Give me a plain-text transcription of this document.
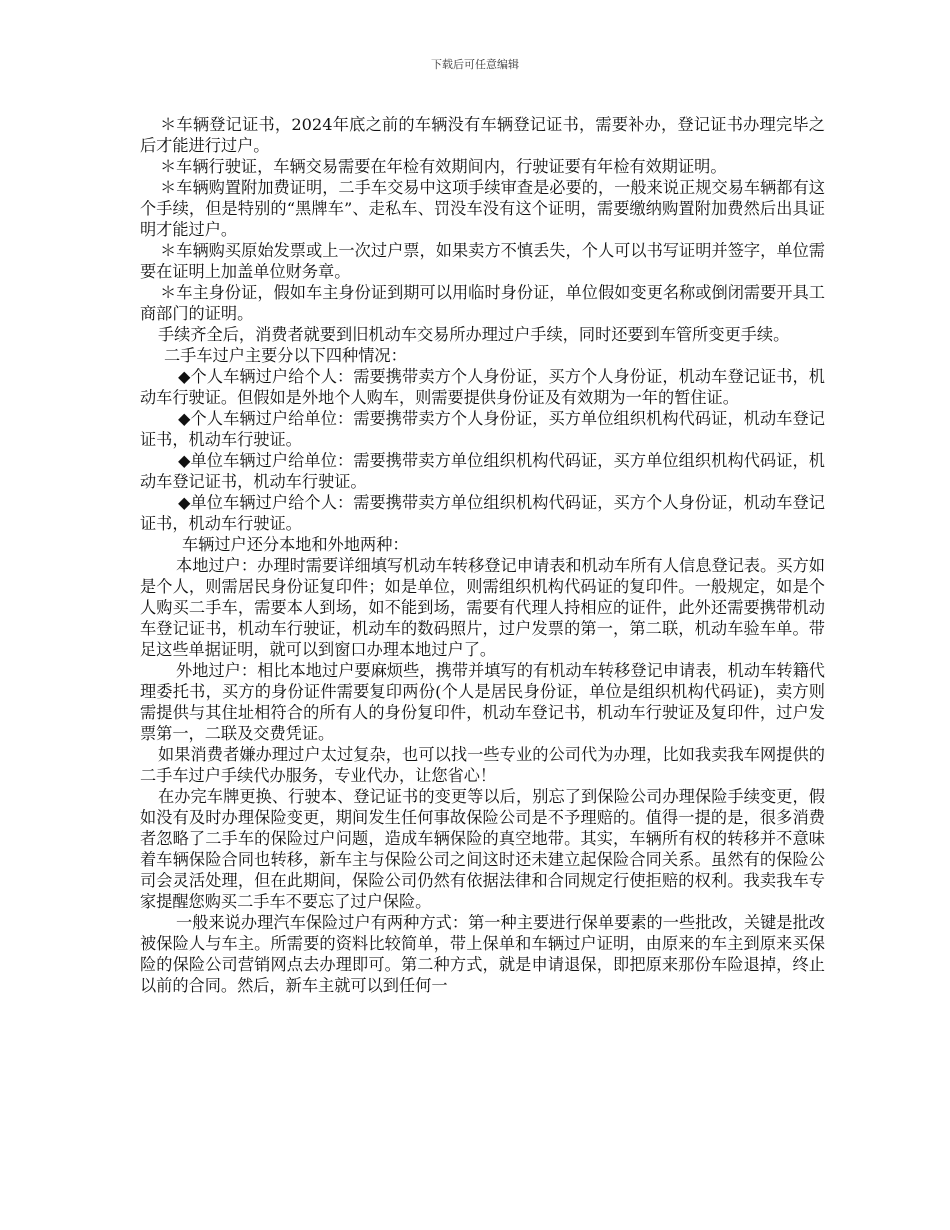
下载后可任意编辑

＊车辆登记证书，2024年底之前的车辆没有车辆登记证书，需要补办，登记证书办理完毕之后才能进行过户。

＊车辆行驶证，车辆交易需要在年检有效期间内，行驶证要有年检有效期证明。

＊车辆购置附加费证明，二手车交易中这项手续审查是必要的，一般来说正规交易车辆都有这个手续，但是特别的“黑牌车”、走私车、罚没车没有这个证明，需要缴纳购置附加费然后出具证明才能过户。

＊车辆购买原始发票或上一次过户票，如果卖方不慎丢失，个人可以书写证明并签字，单位需要在证明上加盖单位财务章。

＊车主身份证，假如车主身份证到期可以用临时身份证，单位假如变更名称或倒闭需要开具工商部门的证明。

手续齐全后，消费者就要到旧机动车交易所办理过户手续，同时还要到车管所变更手续。

二手车过户主要分以下四种情况：

◆个人车辆过户给个人：需要携带卖方个人身份证，买方个人身份证，机动车登记证书，机动车行驶证。但假如是外地个人购车，则需要提供身份证及有效期为一年的暂住证。

◆个人车辆过户给单位：需要携带卖方个人身份证，买方单位组织机构代码证，机动车登记证书，机动车行驶证。

◆单位车辆过户给单位：需要携带卖方单位组织机构代码证，买方单位组织机构代码证，机动车登记证书，机动车行驶证。

◆单位车辆过户给个人：需要携带卖方单位组织机构代码证，买方个人身份证，机动车登记证书，机动车行驶证。

车辆过户还分本地和外地两种：

本地过户：办理时需要详细填写机动车转移登记申请表和机动车所有人信息登记表。买方如是个人，则需居民身份证复印件；如是单位，则需组织机构代码证的复印件。一般规定，如是个人购买二手车，需要本人到场，如不能到场，需要有代理人持相应的证件，此外还需要携带机动车登记证书，机动车行驶证，机动车的数码照片，过户发票的第一，第二联，机动车验车单。带足这些单据证明，就可以到窗口办理本地过户了。

外地过户：相比本地过户要麻烦些，携带并填写的有机动车转移登记申请表，机动车转籍代理委托书，买方的身份证件需要复印两份(个人是居民身份证，单位是组织机构代码证)，卖方则需提供与其住址相符合的所有人的身份复印件，机动车登记书，机动车行驶证及复印件，过户发票第一，二联及交费凭证。

如果消费者嫌办理过户太过复杂，也可以找一些专业的公司代为办理，比如我卖我车网提供的二手车过户手续代办服务，专业代办，让您省心！

在办完车牌更换、行驶本、登记证书的变更等以后，别忘了到保险公司办理保险手续变更，假如没有及时办理保险变更，期间发生任何事故保险公司是不予理赔的。值得一提的是，很多消费者忽略了二手车的保险过户问题，造成车辆保险的真空地带。其实，车辆所有权的转移并不意味着车辆保险合同也转移，新车主与保险公司之间这时还未建立起保险合同关系。虽然有的保险公司会灵活处理，但在此期间，保险公司仍然有依据法律和合同规定行使拒赔的权利。我卖我车专家提醒您购买二手车不要忘了过户保险。

一般来说办理汽车保险过户有两种方式：第一种主要进行保单要素的一些批改，关键是批改被保险人与车主。所需要的资料比较简单，带上保单和车辆过户证明，由原来的车主到原来买保险的保险公司营销网点去办理即可。第二种方式，就是申请退保，即把原来那份车险退掉，终止以前的合同。然后，新车主就可以到任何一
